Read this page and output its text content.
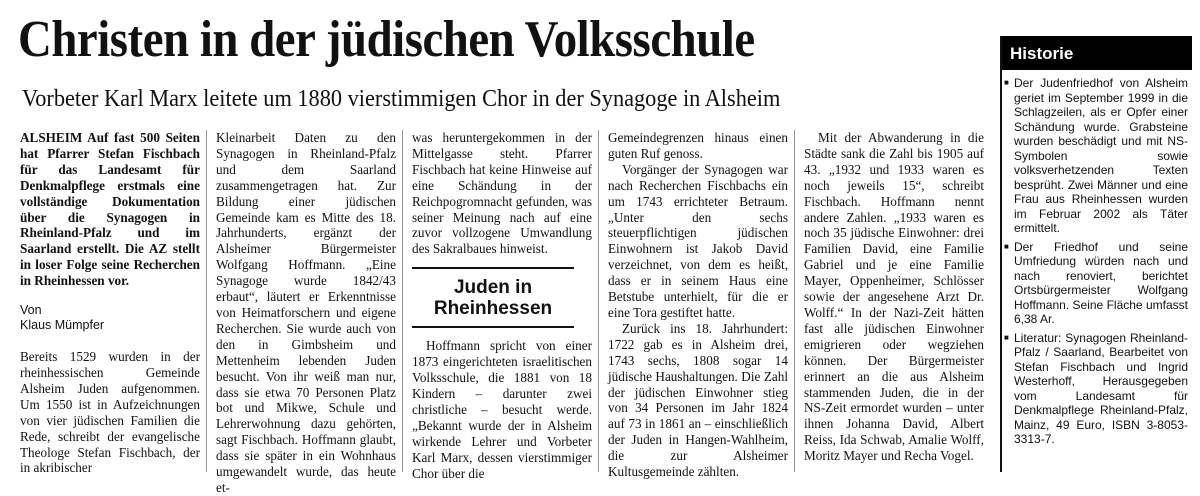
Christen in der jüdischen Volksschule
Vorbeter Karl Marx leitete um 1880 vierstimmigen Chor in der Synagoge in Alsheim

ALSHEIM Auf fast 500 Seiten hat Pfarrer Stefan Fischbach für das Landesamt für Denkmalpflege erstmals eine vollständige Dokumentation über die Synagogen in Rheinland-Pfalz und im Saarland erstellt. Die AZ stellt in loser Folge seine Recherchen in Rheinhessen vor.

Von
Klaus Mümpfer

Bereits 1529 wurden in der rheinhessischen Gemeinde Alsheim Juden aufgenommen. Um 1550 ist in Aufzeichnungen von vier jüdischen Familien die Rede, schreibt der evangelische Theologe Stefan Fischbach, der in akribischer

Kleinarbeit Daten zu den Synagogen in Rheinland-Pfalz und dem Saarland zusammengetragen hat. Zur Bildung einer jüdischen Gemeinde kam es Mitte des 18. Jahrhunderts, ergänzt der Alsheimer Bürgermeister Wolfgang Hoffmann. „Eine Synagoge wurde 1842/43 erbaut“, läutert er Erkenntnisse von Heimatforschern und eigene Recherchen. Sie wurde auch von den in Gimbsheim und Mettenheim lebenden Juden besucht. Von ihr weiß man nur, dass sie etwa 70 Personen Platz bot und Mikwe, Schule und Lehrerwohnung dazu gehörten, sagt Fischbach. Hoffmann glaubt, dass sie später in ein Wohnhaus umgewandelt wurde, das heute et-

was heruntergekommen in der Mittelgasse steht. Pfarrer Fischbach hat keine Hinweise auf eine Schändung in der Reichpogromnacht gefunden, was seiner Meinung nach auf eine zuvor vollzogene Umwandlung des Sakralbaues hinweist.

Juden in Rheinhessen

Hoffmann spricht von einer 1873 eingerichteten israelitischen Volksschule, die 1881 von 18 Kindern – darunter zwei christliche – besucht werde. „Bekannt wurde der in Alsheim wirkende Lehrer und Vorbeter Karl Marx, dessen vierstimmiger Chor über die

Gemeindegrenzen hinaus einen guten Ruf genoss.

Vorgänger der Synagogen war nach Recherchen Fischbachs ein um 1743 errichteter Betraum. „Unter den sechs steuerpflichtigen jüdischen Einwohnern ist Jakob David verzeichnet, von dem es heißt, dass er in seinem Haus eine Betstube unterhielt, für die er eine Tora gestiftet hatte.

Zurück ins 18. Jahrhundert: 1722 gab es in Alsheim drei, 1743 sechs, 1808 sogar 14 jüdische Haushaltungen. Die Zahl der jüdischen Einwohner stieg von 34 Personen im Jahr 1824 auf 73 in 1861 an – einschließlich der Juden in Hangen-Wahlheim, die zur Alsheimer Kultusgemeinde zählten.

Mit der Abwanderung in die Städte sank die Zahl bis 1905 auf 43. „1932 und 1933 waren es noch jeweils 15“, schreibt Fischbach. Hoffmann nennt andere Zahlen. „1933 waren es noch 35 jüdische Einwohner: drei Familien David, eine Familie Gabriel und je eine Familie Mayer, Oppenheimer, Schlösser sowie der angesehene Arzt Dr. Wolff.“ In der Nazi-Zeit hätten fast alle jüdischen Einwohner emigrieren oder wegziehen können. Der Bürgermeister erinnert an die aus Alsheim stammenden Juden, die in der NS-Zeit ermordet wurden – unter ihnen Johanna David, Albert Reiss, Ida Schwab, Amalie Wolff, Moritz Mayer und Recha Vogel.

Historie
■ Der Judenfriedhof von Alsheim geriet im September 1999 in die Schlagzeilen, als er Opfer einer Schändung wurde. Grabsteine wurden beschädigt und mit NS-Symbolen sowie volksverhetzenden Texten besprüht. Zwei Männer und eine Frau aus Rheinhessen wurden im Februar 2002 als Täter ermittelt.
■ Der Friedhof und seine Umfriedung würden nach und nach renoviert, berichtet Ortsbürgermeister Wolfgang Hoffmann. Seine Fläche umfasst 6,38 Ar.
■ Literatur: Synagogen Rheinland-Pfalz / Saarland, Bearbeitet von Stefan Fischbach und Ingrid Westerhoff, Herausgegeben vom Landesamt für Denkmalpflege Rheinland-Pfalz, Mainz, 49 Euro, ISBN 3-8053-3313-7.
